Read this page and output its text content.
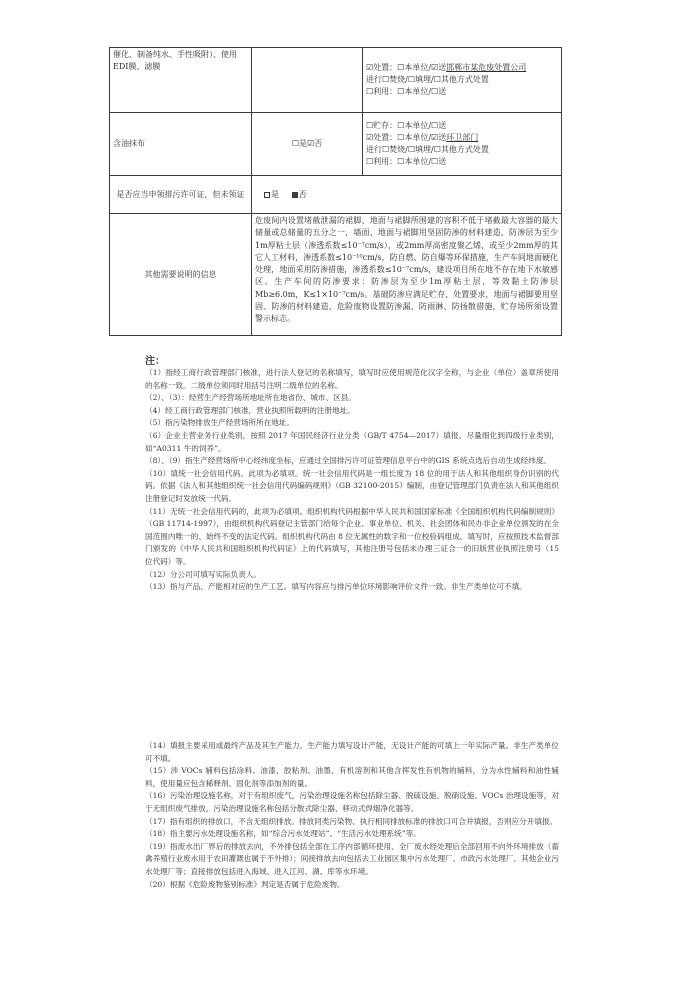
催化、制备纯水、手性吸附）、使用EDI膜、滤膜		☑处置：☐本单位/☑送邯郸市某危废处置公司
进行☐焚烧/☐填埋/☐其他方式处置
☐利用：☐本单位/☐送

含油抹布	☐是☑否	☐贮存：☐本单位/☐送
☑处置：☐本单位/☑送环卫部门
进行☐焚烧/☐填埋/☐其他方式处置
☐利用：☐本单位/☐送

是否应当申领排污许可证，但未领证	是 否	
其他需要说明的信息	危废间内设置堵截泄漏的裙脚、地面与裙脚所围建的容积不低于堵截最大容器的最大储量或总储量的五分之一，墙面、地面与裙脚用坚固防渗的材料建造，防渗层为至少1m厚粘土层（渗透系数≤10⁻⁷cm/s），或2mm厚高密度聚乙烯，或至少2mm厚的其它人工材料，渗透系数≤10⁻¹⁰cm/s，防自燃、防自爆等环保措施，生产车间地面硬化处理，地面采用防渗措施，渗透系数≤10⁻⁷cm/s，建设项目所在地不存在地下水敏感区。生产车间的防渗要求：防渗层为至少1m厚粘土层，等效黏土防渗层 Mb≥6.0m，K≤1×10⁻⁷cm/s。基础防渗应满足贮存、处置要求，地面与裙脚要用坚固、防渗的材料建造，危险废物设置防渗漏、防雨淋、防扬散措施，贮存场所须设置警示标志。	
注：

（1）指经工商行政管理部门核准，进行法人登记的名称填写，填写时应使用规范化汉字全称，与企业（单位）盖章所使用的名称一致。二级单位须同时用括号注明二级单位的名称。

（2）、（3）：经营生产经营场所地址所在地省份、城市、区县。

（4）经工商行政管理部门核准，营业执照所载明的注册地址。

（5）指污染物排放生产经营场所所在地址。

（6）企业主营业务行业类别，按照 2017 年国民经济行业分类（GB/T 4754—2017）填报。尽量细化到四级行业类别，如“A0311 牛的饲养”。

（8）、（9）指生产经营场所中心经纬度坐标，应通过全国排污许可证管理信息平台中的GIS 系统点选后自动生成经纬度。

（10）填统一社会信用代码。此项为必填项。统一社会信用代码是一组长度为 18 位的用于法人和其他组织身份识别的代码。依据《法人和其他组织统一社会信用代码编码规则》（GB 32100-2015）编制，由登记管理部门负责在法人和其他组织注册登记时发放统一代码。

（11）无统一社会信用代码的，此项为必填项。组织机构代码根据中华人民共和国国家标准《全国组织机构代码编制规则》（GB 11714-1997），由组织机构代码登记主管部门给每个企业、事业单位、机关、社会团体和民办非企业单位颁发的在全国范围内唯一的、始终不变的法定代码。组织机构代码由 8 位无属性的数字和一位校验码组成。填写时，应按照技术监督部门颁发的《中华人民共和国组织机构代码证》上的代码填写，其他注册号包括未办理三证合一的旧版营业执照注册号（15 位代码）等。

（12）分公司可填写实际负责人。

（13）指与产品、产能相对应的生产工艺。填写内容应与排污单位环境影响评价文件一致。非生产类单位可不填。

（14）填报主要采用或最终产品及其生产能力。生产能力填写设计产能，无设计产能的可填上一年实际产量。非生产类单位可不填。

（15）涉 VOCs 辅料包括涂料、油漆、胶粘剂、油墨、有机溶剂和其他含挥发性有机物的辅料，分为水性辅料和油性辅料，使用量应包含稀释剂、固化剂等添加剂的量。

（16）污染治理设施名称，对于有组织废气，污染治理设施名称包括除尘器、脱硫设施、脱硝设施、VOCs 治理设施等，对于无组织废气排放，污染治理设施名称包括分散式除尘器、移动式焊烟净化器等。

（17）指有组织的排放口，不含无组织排放。排放同类污染物、执行相同排放标准的排放口可合并填报，否则应分开填报。

（18）指主要污水处理设施名称，如“综合污水处理站”、“生活污水处理系统”等。

（19）指废水出厂界后的排放去向，不外排包括全部在工序内部循环使用、全厂废水经处理后全部回用不向外环境排放（畜禽养殖行业废水用于农田灌溉也属于不外排）；间接排放去向包括去工业园区集中污水处理厂、市政污水处理厂、其他企业污水处理厂等；直接排放包括进入海域、进入江河、湖、库等水环境。

（20）根据《危险废物鉴别标准》判定是否属于危险废物。
